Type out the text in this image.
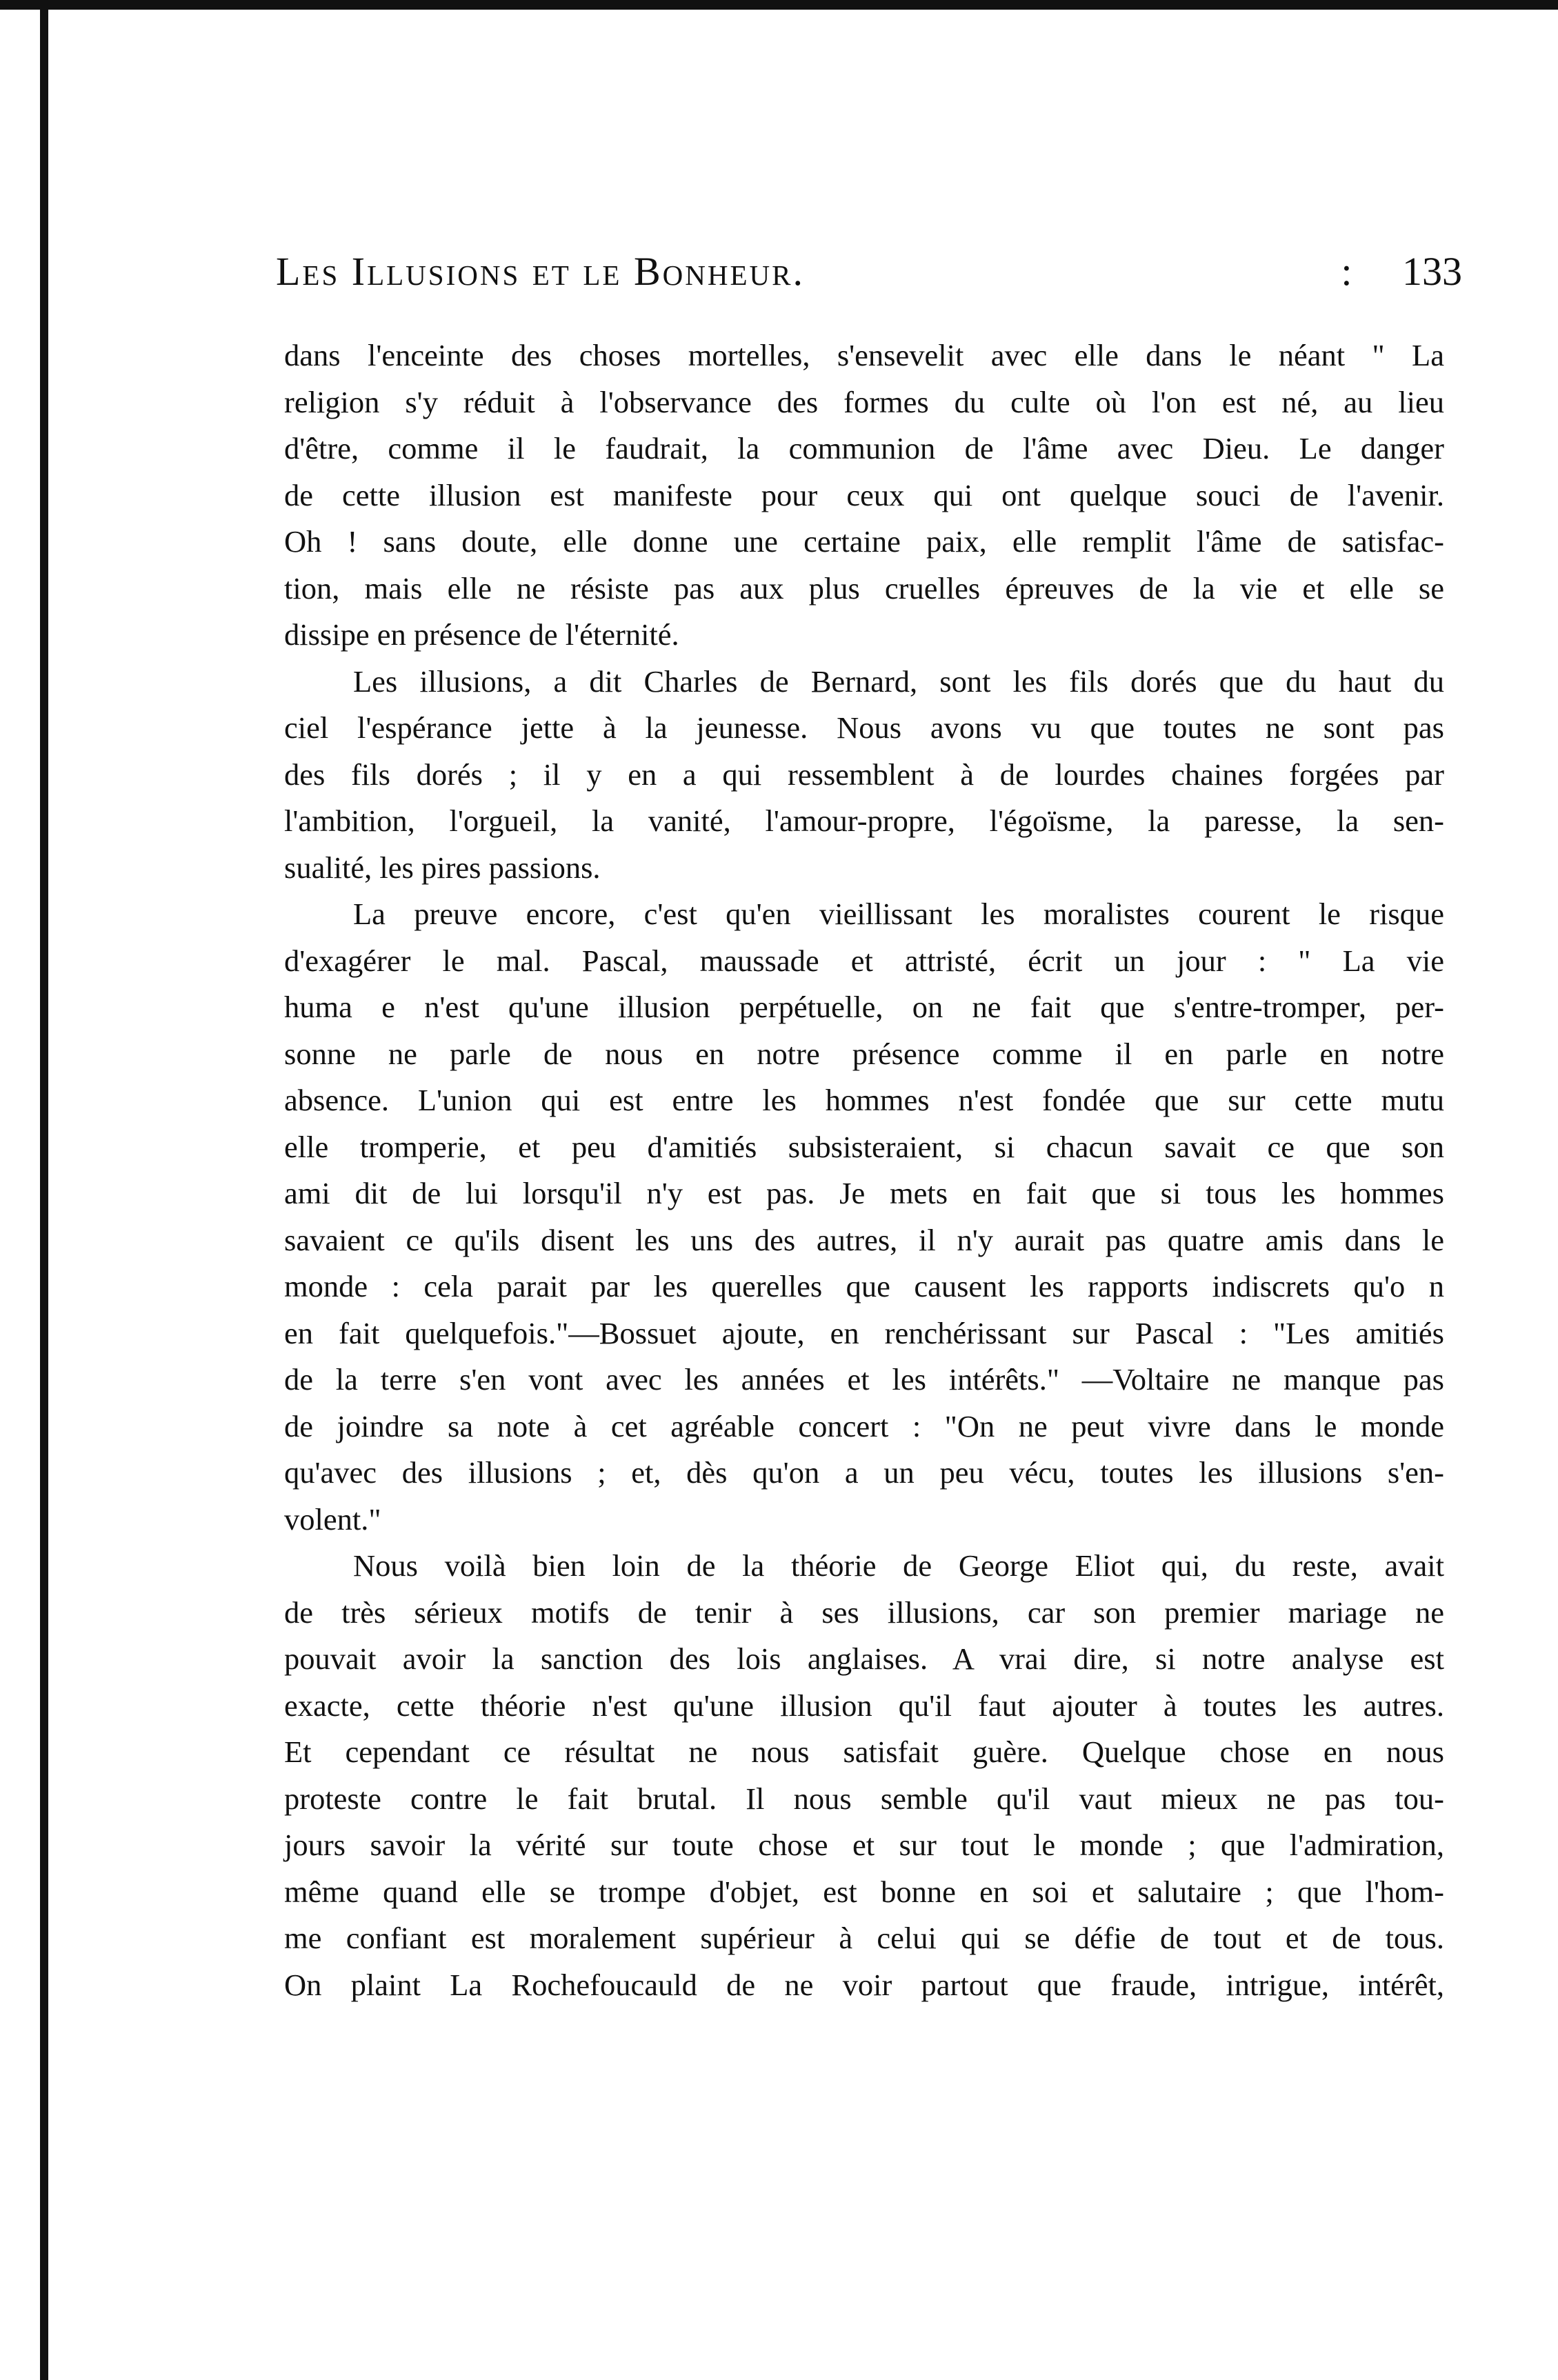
Les Illusions et le Bonheur.	: 133
dans l'enceinte des choses mortelles, s'ensevelit avec elle dans le néant " La
religion s'y réduit à l'observance des formes du culte où l'on est né, au lieu
d'être, comme il le faudrait, la communion de l'âme avec Dieu. Le danger
de cette illusion est manifeste pour ceux qui ont quelque souci de l'avenir.
Oh ! sans doute, elle donne une certaine paix, elle remplit l'âme de satisfac-
tion, mais elle ne résiste pas aux plus cruelles épreuves de la vie et elle se
dissipe en présence de l'éternité.
Les illusions, a dit Charles de Bernard, sont les fils dorés que du haut du
ciel l'espérance jette à la jeunesse. Nous avons vu que toutes ne sont pas
des fils dorés ; il y en a qui ressemblent à de lourdes chaines forgées par
l'ambition, l'orgueil, la vanité, l'amour-propre, l'égoïsme, la paresse, la sen-
sualité, les pires passions.
La preuve encore, c'est qu'en vieillissant les moralistes courent le risque
d'exagérer le mal. Pascal, maussade et attristé, écrit un jour : " La vie
huma e n'est qu'une illusion perpétuelle, on ne fait que s'entre-tromper, per-
sonne ne parle de nous en notre présence comme il en parle en notre
absence. L'union qui est entre les hommes n'est fondée que sur cette mutu
elle tromperie, et peu d'amitiés subsisteraient, si chacun savait ce que son
ami dit de lui lorsqu'il n'y est pas. Je mets en fait que si tous les hommes
savaient ce qu'ils disent les uns des autres, il n'y aurait pas quatre amis dans le
monde : cela parait par les querelles que causent les rapports indiscrets qu'o n
en fait quelquefois."—Bossuet ajoute, en renchérissant sur Pascal : "Les amitiés
de la terre s'en vont avec les années et les intérêts." —Voltaire ne manque pas
de joindre sa note à cet agréable concert : "On ne peut vivre dans le monde
qu'avec des illusions ; et, dès qu'on a un peu vécu, toutes les illusions s'en-
volent."
Nous voilà bien loin de la théorie de George Eliot qui, du reste, avait
de très sérieux motifs de tenir à ses illusions, car son premier mariage ne
pouvait avoir la sanction des lois anglaises. A vrai dire, si notre analyse est
exacte, cette théorie n'est qu'une illusion qu'il faut ajouter à toutes les autres.
Et cependant ce résultat ne nous satisfait guère. Quelque chose en nous
proteste contre le fait brutal. Il nous semble qu'il vaut mieux ne pas tou-
jours savoir la vérité sur toute chose et sur tout le monde ; que l'admiration,
même quand elle se trompe d'objet, est bonne en soi et salutaire ; que l'hom-
me confiant est moralement supérieur à celui qui se défie de tout et de tous.
On plaint La Rochefoucauld de ne voir partout que fraude, intrigue, intérêt,
